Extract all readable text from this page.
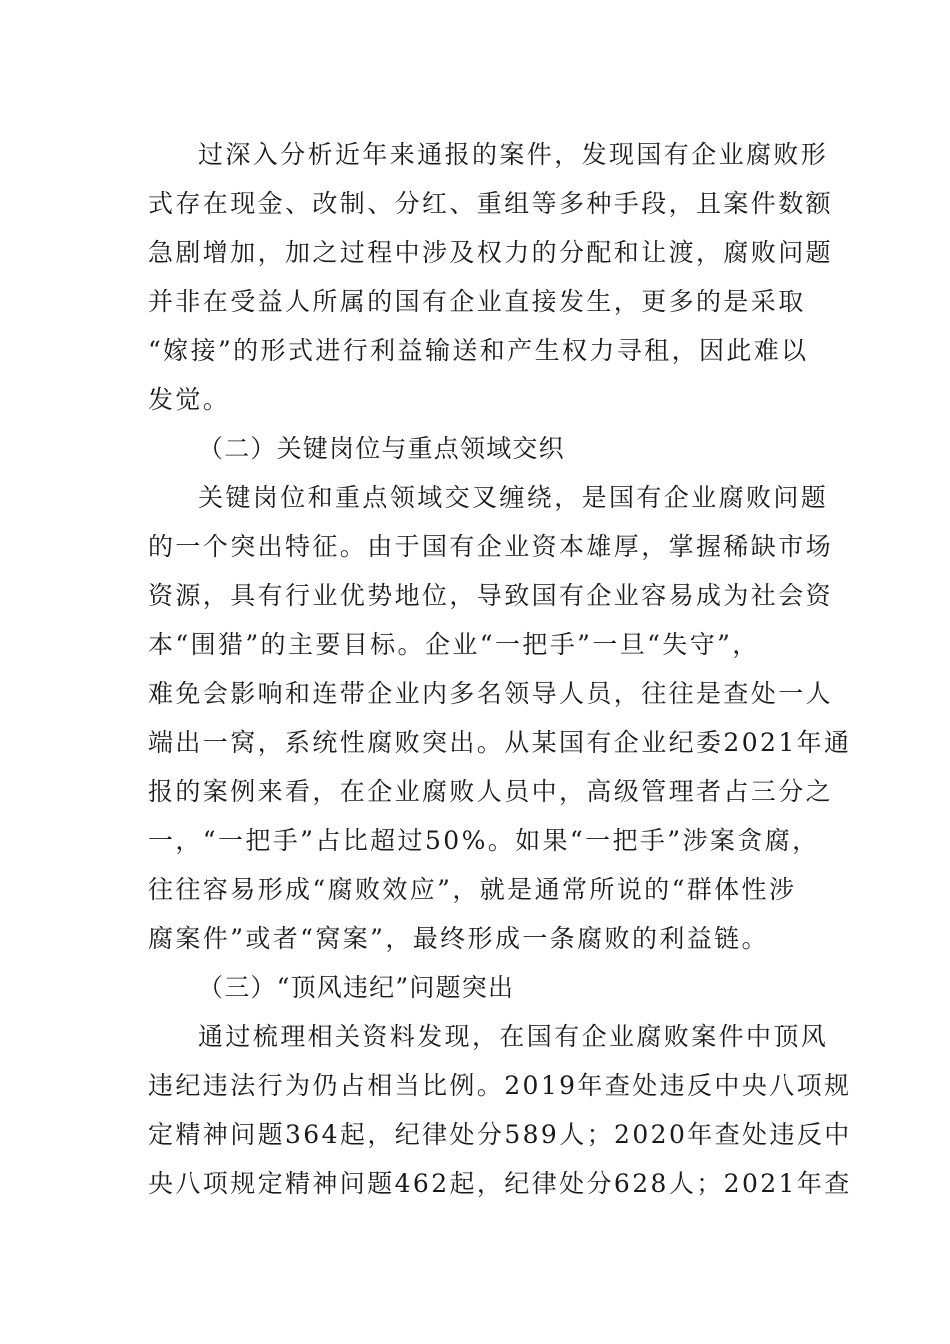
过深入分析近年来通报的案件，发现国有企业腐败形
式存在现金、改制、分红、重组等多种手段，且案件数额
急剧增加，加之过程中涉及权力的分配和让渡，腐败问题
并非在受益人所属的国有企业直接发生，更多的是采取
“嫁接”的形式进行利益输送和产生权力寻租，因此难以
发觉。
（二）关键岗位与重点领域交织
关键岗位和重点领域交叉缠绕，是国有企业腐败问题
的一个突出特征。由于国有企业资本雄厚，掌握稀缺市场
资源，具有行业优势地位，导致国有企业容易成为社会资
本“围猎”的主要目标。企业“一把手”一旦“失守”，
难免会影响和连带企业内多名领导人员，往往是查处一人
端出一窝，系统性腐败突出。从某国有企业纪委2021年通
报的案例来看，在企业腐败人员中，高级管理者占三分之
一，“一把手”占比超过50%。如果“一把手”涉案贪腐，
往往容易形成“腐败效应”，就是通常所说的“群体性涉
腐案件”或者“窝案”，最终形成一条腐败的利益链。
（三）“顶风违纪”问题突出
通过梳理相关资料发现，在国有企业腐败案件中顶风
违纪违法行为仍占相当比例。2019年查处违反中央八项规
定精神问题364起，纪律处分589人；2020年查处违反中
央八项规定精神问题462起，纪律处分628人；2021年查
